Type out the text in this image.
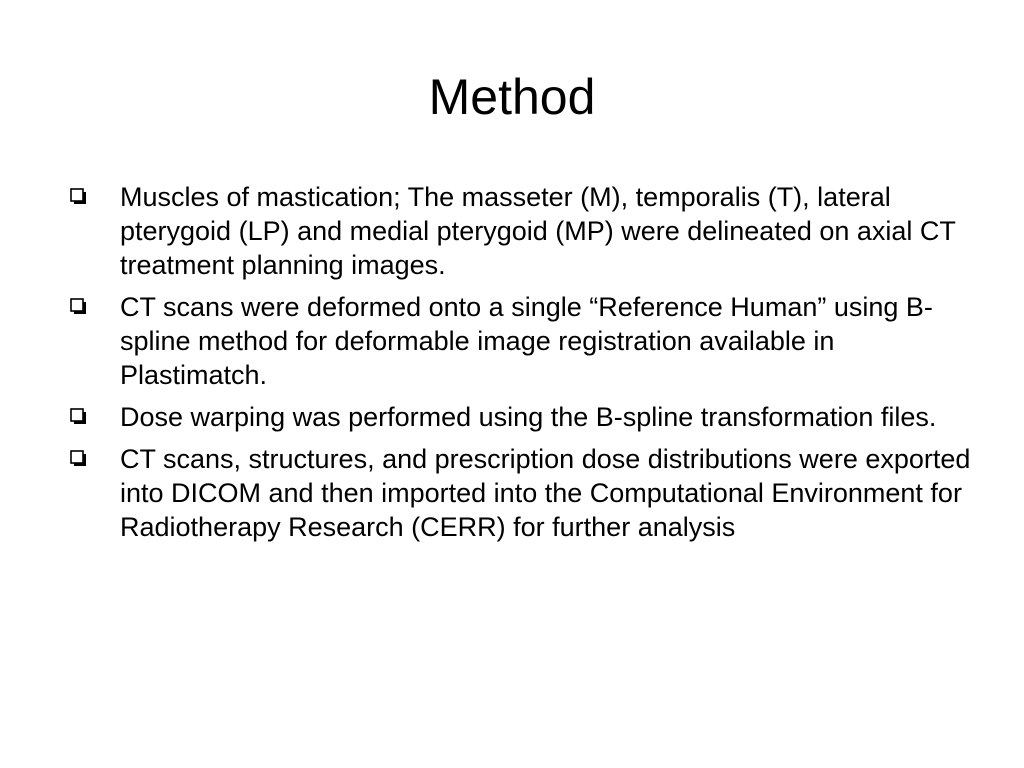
Method
Muscles of mastication; The masseter (M), temporalis (T), lateral pterygoid (LP) and medial pterygoid (MP) were delineated on axial CT treatment planning images.
CT scans were deformed onto a single “Reference Human” using B-spline method for deformable image registration available in Plastimatch.
Dose warping was performed using the B-spline transformation files.
CT scans, structures, and prescription dose distributions were exported into DICOM and then imported into the Computational Environment for Radiotherapy Research (CERR) for further analysis
